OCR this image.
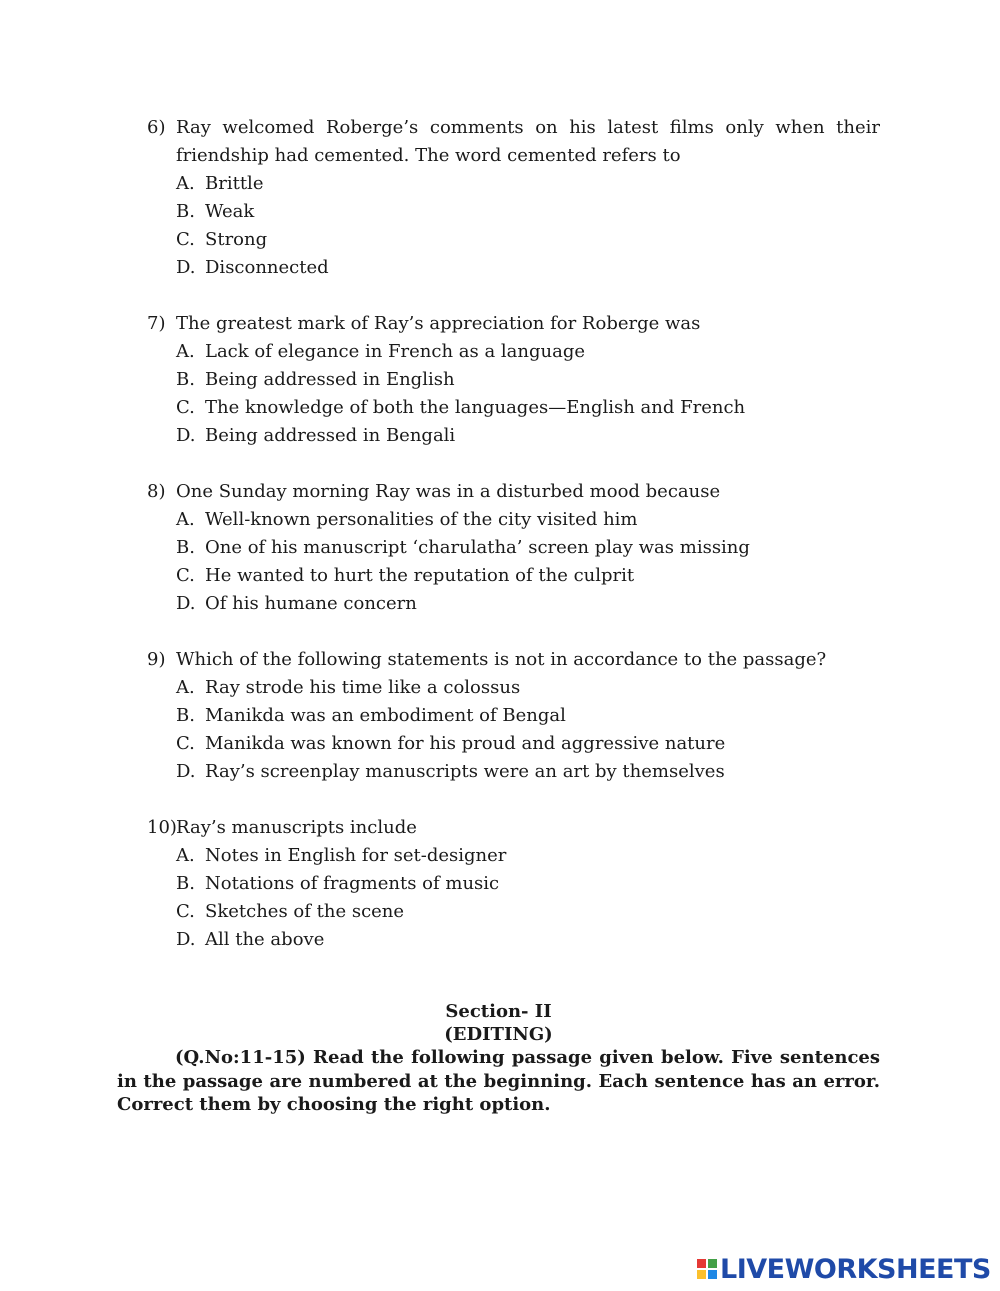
6) Ray welcomed Roberge’s comments on his latest films only when their friendship had cemented. The word cemented refers to
A. Brittle
B. Weak
C. Strong
D. Disconnected
7) The greatest mark of Ray’s appreciation for Roberge was
A. Lack of elegance in French as a language
B. Being addressed in English
C. The knowledge of both the languages—English and French
D. Being addressed in Bengali
8) One Sunday morning Ray was in a disturbed mood because
A. Well-known personalities of the city visited him
B. One of his manuscript ‘charulatha’ screen play was missing
C. He wanted to hurt the reputation of the culprit
D. Of his humane concern
9) Which of the following statements is not in accordance to the passage?
A. Ray strode his time like a colossus
B. Manikda was an embodiment of Bengal
C. Manikda was known for his proud and aggressive nature
D. Ray’s screenplay manuscripts were an art by themselves
10) Ray’s manuscripts include
A. Notes in English for set-designer
B. Notations of fragments of music
C. Sketches of the scene
D. All the above
Section- II
(EDITING)

(Q.No:11-15) Read the following passage given below. Five sentences in the passage are numbered at the beginning. Each sentence has an error. Correct them by choosing the right option.

LIVEWORKSHEETS
